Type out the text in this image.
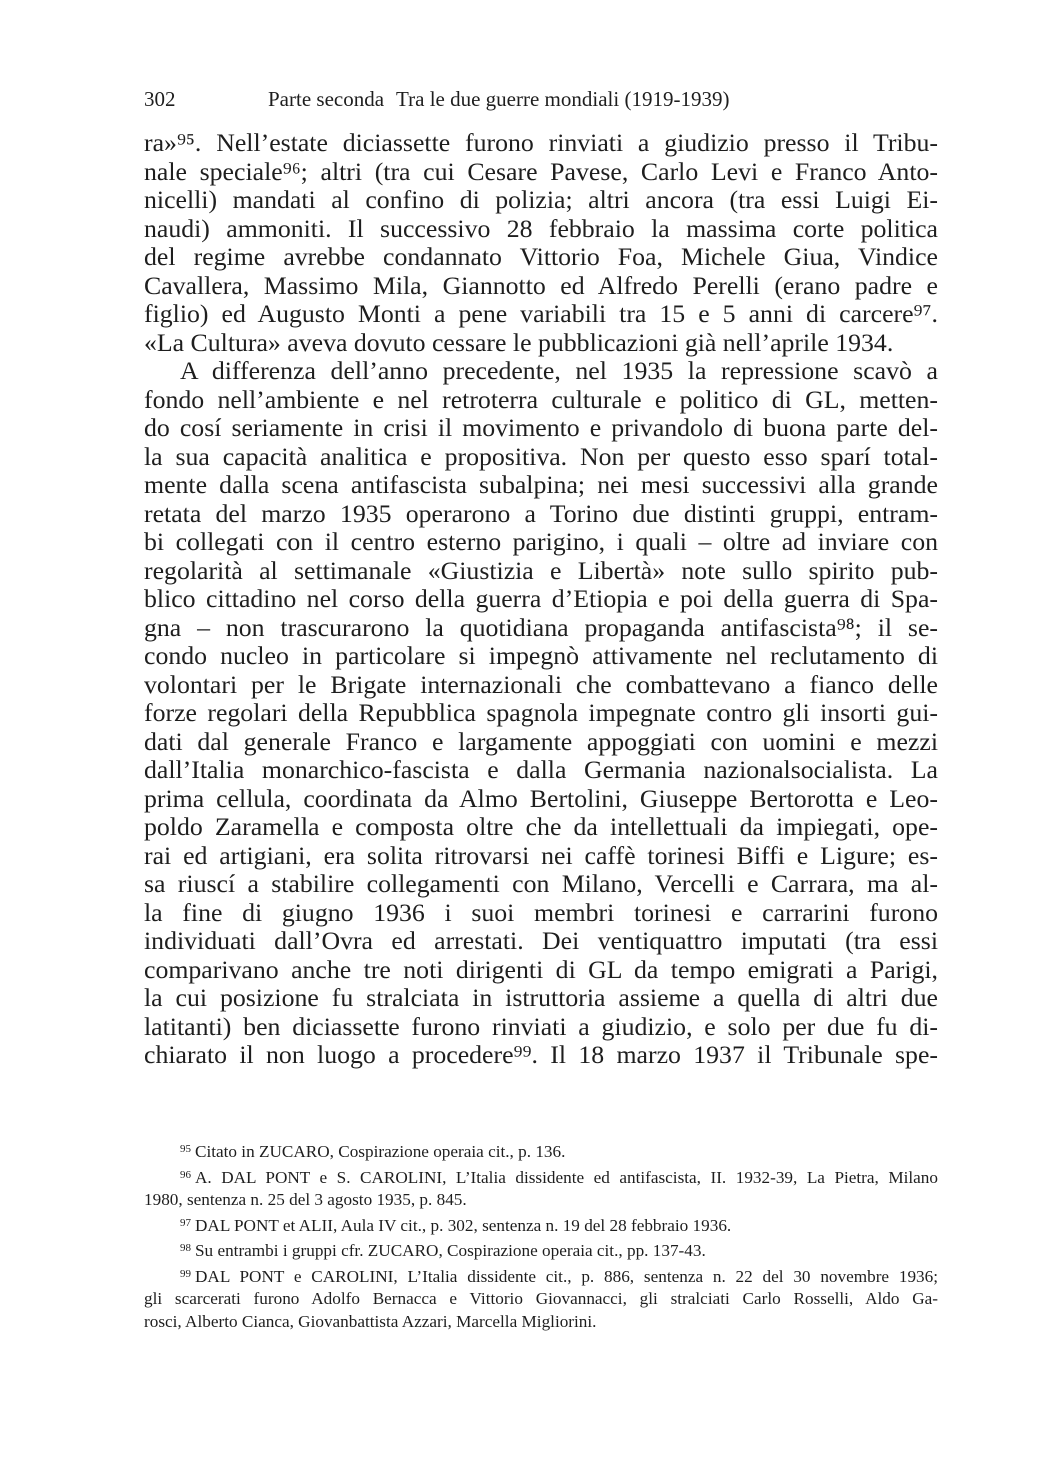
302	Parte seconda Tra le due guerre mondiali (1919-1939)
ra»⁹⁵. Nell’estate diciassette furono rinviati a giudizio presso il Tribu-
nale speciale⁹⁶; altri (tra cui Cesare Pavese, Carlo Levi e Franco Anto-
nicelli) mandati al confino di polizia; altri ancora (tra essi Luigi Ei-
naudi) ammoniti. Il successivo 28 febbraio la massima corte politica
del regime avrebbe condannato Vittorio Foa, Michele Giua, Vindice
Cavallera, Massimo Mila, Giannotto ed Alfredo Perelli (erano padre e
figlio) ed Augusto Monti a pene variabili tra 15 e 5 anni di carcere⁹⁷.
«La Cultura» aveva dovuto cessare le pubblicazioni già nell’aprile 1934.
A differenza dell’anno precedente, nel 1935 la repressione scavò a
fondo nell’ambiente e nel retroterra culturale e politico di GL, metten-
do cosí seriamente in crisi il movimento e privandolo di buona parte del-
la sua capacità analitica e propositiva. Non per questo esso sparí total-
mente dalla scena antifascista subalpina; nei mesi successivi alla grande
retata del marzo 1935 operarono a Torino due distinti gruppi, entram-
bi collegati con il centro esterno parigino, i quali – oltre ad inviare con
regolarità al settimanale «Giustizia e Libertà» note sullo spirito pub-
blico cittadino nel corso della guerra d’Etiopia e poi della guerra di Spa-
gna – non trascurarono la quotidiana propaganda antifascista⁹⁸; il se-
condo nucleo in particolare si impegnò attivamente nel reclutamento di
volontari per le Brigate internazionali che combattevano a fianco delle
forze regolari della Repubblica spagnola impegnate contro gli insorti gui-
dati dal generale Franco e largamente appoggiati con uomini e mezzi
dall’Italia monarchico-fascista e dalla Germania nazionalsocialista. La
prima cellula, coordinata da Almo Bertolini, Giuseppe Bertorotta e Leo-
poldo Zaramella e composta oltre che da intellettuali da impiegati, ope-
rai ed artigiani, era solita ritrovarsi nei caffè torinesi Biffi e Ligure; es-
sa riuscí a stabilire collegamenti con Milano, Vercelli e Carrara, ma al-
la fine di giugno 1936 i suoi membri torinesi e carrarini furono
individuati dall’Ovra ed arrestati. Dei ventiquattro imputati (tra essi
comparivano anche tre noti dirigenti di GL da tempo emigrati a Parigi,
la cui posizione fu stralciata in istruttoria assieme a quella di altri due
latitanti) ben diciassette furono rinviati a giudizio, e solo per due fu di-
chiarato il non luogo a procedere⁹⁹. Il 18 marzo 1937 il Tribunale spe-
$^{95}$ Citato in ZUCARO, Cospirazione operaia cit., p. 136.
$^{96}$ A. DAL PONT e S. CAROLINI, L’Italia dissidente ed antifascista, II. 1932-39, La Pietra, Milano
1980, sentenza n. 25 del 3 agosto 1935, p. 845.
$^{97}$ DAL PONT et ALII, Aula IV cit., p. 302, sentenza n. 19 del 28 febbraio 1936.
$^{98}$ Su entrambi i gruppi cfr. ZUCARO, Cospirazione operaia cit., pp. 137-43.
$^{99}$ DAL PONT e CAROLINI, L’Italia dissidente cit., p. 886, sentenza n. 22 del 30 novembre 1936;
gli scarcerati furono Adolfo Bernacca e Vittorio Giovannacci, gli stralciati Carlo Rosselli, Aldo Ga-
rosci, Alberto Cianca, Giovanbattista Azzari, Marcella Migliorini.
